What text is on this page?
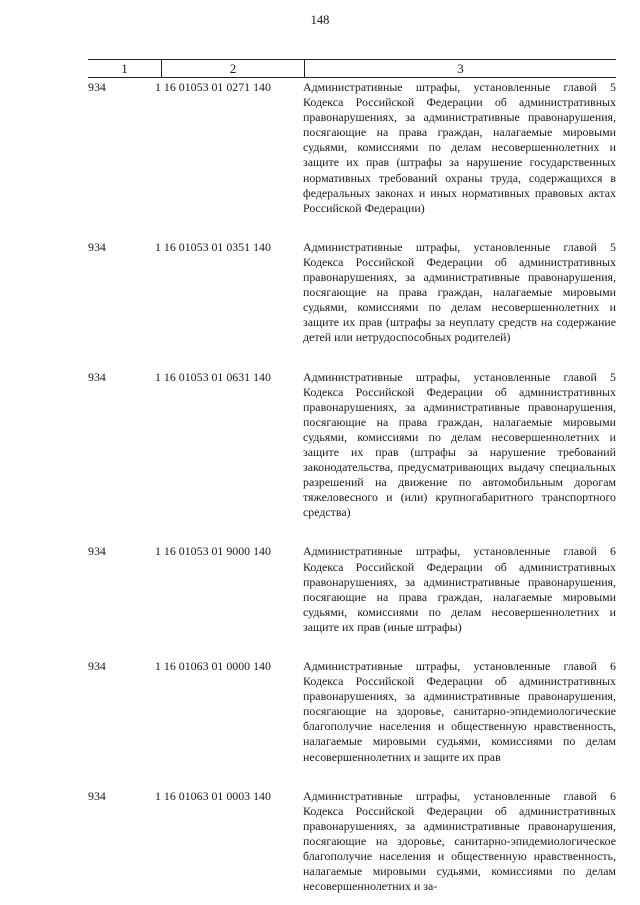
148
1	2	3
934	1 16 01053 01 0271 140	Административные штрафы, установленные главой 5 Кодекса Российской Федерации об административных правонарушениях, за административные правонарушения, посягающие на права граждан, налагаемые мировыми судьями, комиссиями по делам несовершеннолетних и защите их прав (штрафы за нарушение государственных нормативных требований охраны труда, содержащихся в федеральных законах и иных нормативных правовых актах Российской Федерации)
934	1 16 01053 01 0351 140	Административные штрафы, установленные главой 5 Кодекса Российской Федерации об административных правонарушениях, за административные правонарушения, посягающие на права граждан, налагаемые мировыми судьями, комиссиями по делам несовершеннолетних и защите их прав (штрафы за неуплату средств на содержание детей или нетрудоспособных родителей)
934	1 16 01053 01 0631 140	Административные штрафы, установленные главой 5 Кодекса Российской Федерации об административных правонарушениях, за административные правонарушения, посягающие на права граждан, налагаемые мировыми судьями, комиссиями по делам несовершеннолетних и защите их прав (штрафы за нарушение требований законодательства, предусматривающих выдачу специальных разрешений на движение по автомобильным дорогам тяжеловесного и (или) крупногабаритного транспортного средства)
934	1 16 01053 01 9000 140	Административные штрафы, установленные главой 6 Кодекса Российской Федерации об административных правонарушениях, за административные правонарушения, посягающие на права граждан, налагаемые мировыми судьями, комиссиями по делам несовершеннолетних и защите их прав (иные штрафы)
934	1 16 01063 01 0000 140	Административные штрафы, установленные главой 6 Кодекса Российской Федерации об административных правонарушениях, за административные правонарушения, посягающие на здоровье, санитарно-эпидемиологические благополучие населения и общественную нравственность, налагаемые мировыми судьями, комиссиями по делам несовершеннолетних и защите их прав
934	1 16 01063 01 0003 140	Административные штрафы, установленные главой 6 Кодекса Российской Федерации об административных правонарушениях, за административные правонарушения, посягающие на здоровье, санитарно-эпидемиологическое благополучие населения и общественную нравственность, налагаемые мировыми судьями, комиссиями по делам несовершеннолетних и за-
